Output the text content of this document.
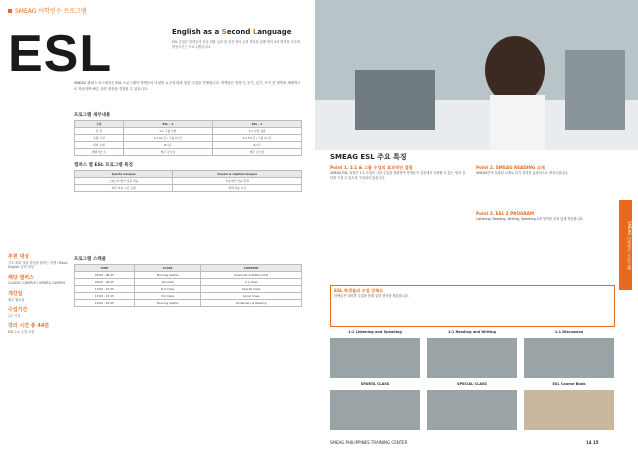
SMEAG 어학연수 프로그램
ESL	English as a Second Language
ESL 수업은 학생들의 일상 회화 실력 및 실전 영어 능력 향상을 위해 영어 4대 영역을 고르게 발전시키는 프로그램입니다.
SMEAG 캠퍼스 코스에서는 ESL 프로그램이 학생들의 다양한 요구에 따라 맞춤 수업을 진행합니다. 학생들은 말하기, 듣기, 읽기, 쓰기 전 영역을 체계적으로 학습하며 빠른 실력 향상을 경험할 수 있습니다.
추천 대상
기초 회화 실력 향상을 원하는 학생 / Basic English 실력 향상
해당 캠퍼스
CLASSIC CAMPUS / SPARTA CAMPUS
개강일
매주 월요일
수업기간
1주 이상
강의 시간 총 44분
ESL 1:1 수업 포함
프로그램 세부내용
구분	ESL - 1	ESL - 2
특 징	1:1 그룹 수업	1:1 수업 집중
수업 구성	1:1 4시간 / 그룹 2시간	1:1 5시간 / 그룹 1시간
일일 수업	8시간	9시간
레벨 테스트	매주 금요일	매주 금요일
캠퍼스 별 ESL 프로그램 특징
Sparta Campus	Classic & Capital Campus
스파르타 방식 집중 학습	자율적인 학습 환경
의무 자습 시간 포함	선택 자습 시간
프로그램 스케줄
TIME	CLASS	CONTENT
08:00 - 08:45	Morning Sparta	Grammar & Pattern Drill
09:00 - 09:45	1st Class	1:1 Class
10:00 - 10:45	2nd Class	Special Class
13:00 - 13:45	3rd Class	Group Class
19:00 - 20:45	Evening Sparta	Vocabulary & Reading
SMEAG ESL 주요 특징
Point 1. 1:1 & 그룹 수업의 효과적인 결합
SMEAG ESL 과정은 1:1 수업과 그룹 수업을 결합하여 학생들이 실전에서 사용할 수 있는 영어 실력을 키울 수 있도록 구성되어 있습니다.
Point 2. SMEAG READING 교재
SMEAG만의 특화된 교재로 읽기 실력을 효과적으로 향상시킵니다.
Point 3. ESL 2 PROGRAM
Listening, Reading, Writing, Speaking 4개 영역을 균형 있게 학습합니다.
ESL 학생들의 수업 만족도
학생들은 다양한 수업을 통해 실력 향상을 체감합니다.
1:1 Listening and Speaking	1:1 Reading and Writing	1:1 Discussion
SPARTA CLASS	SPECIAL CLASS	ESL Course Book
SMEAG 어학연수 프로그램
SMEAG PHILIPPINES TRAINING CENTER	14 15
